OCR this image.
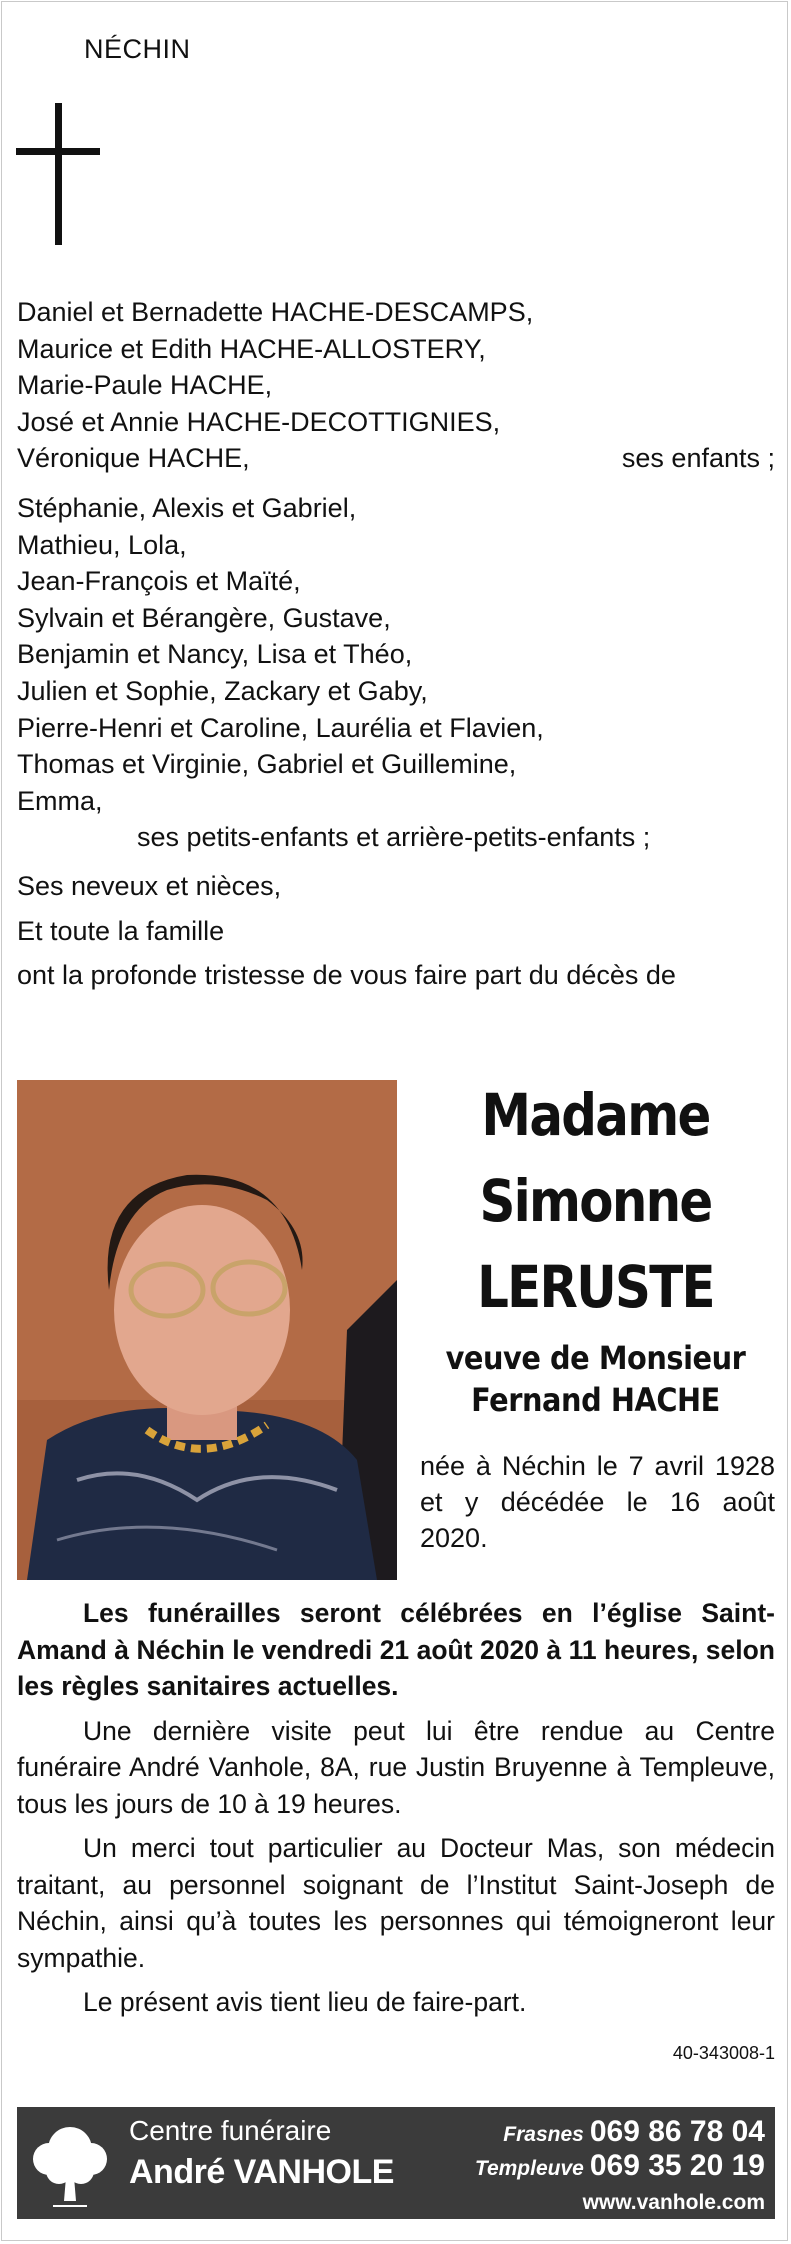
NÉCHIN

Daniel et Bernadette HACHE-DESCAMPS,

Maurice et Edith HACHE-ALLOSTERY,

Marie-Paule HACHE,

José et Annie HACHE-DECOTTIGNIES,

Véronique HACHE,	ses enfants ;

Stéphanie, Alexis et Gabriel,

Mathieu, Lola,

Jean-François et Maïté,

Sylvain et Bérangère, Gustave,

Benjamin et Nancy, Lisa et Théo,

Julien et Sophie, Zackary et Gaby,

Pierre-Henri et Caroline, Laurélia et Flavien,

Thomas et Virginie, Gabriel et Guillemine,

Emma,

ses petits-enfants et arrière-petits-enfants ;

Ses neveux et nièces,

Et toute la famille

ont la profonde tristesse de vous faire part du décès de

Madame
Simonne
LERUSTE
veuve de Monsieur
Fernand HACHE
née à Néchin le 7 avril 1928 et y décédée le 16 août 2020.

Les funérailles seront célébrées en l’église Saint-Amand à Néchin le vendredi 21 août 2020 à 11 heures, selon les règles sanitaires actuelles.

Une dernière visite peut lui être rendue au Centre funéraire André Vanhole, 8A, rue Justin Bruyenne à Templeuve, tous les jours de 10 à 19 heures.

Un merci tout particulier au Docteur Mas, son médecin traitant, au personnel soignant de l’Institut Saint-Joseph de Néchin, ainsi qu’à toutes les personnes qui témoigneront leur sympathie.

Le présent avis tient lieu de faire-part.

40-343008-1
Centre funéraire
André VANHOLE
Frasnes 069 86 78 04
Templeuve 069 35 20 19
www.vanhole.com
